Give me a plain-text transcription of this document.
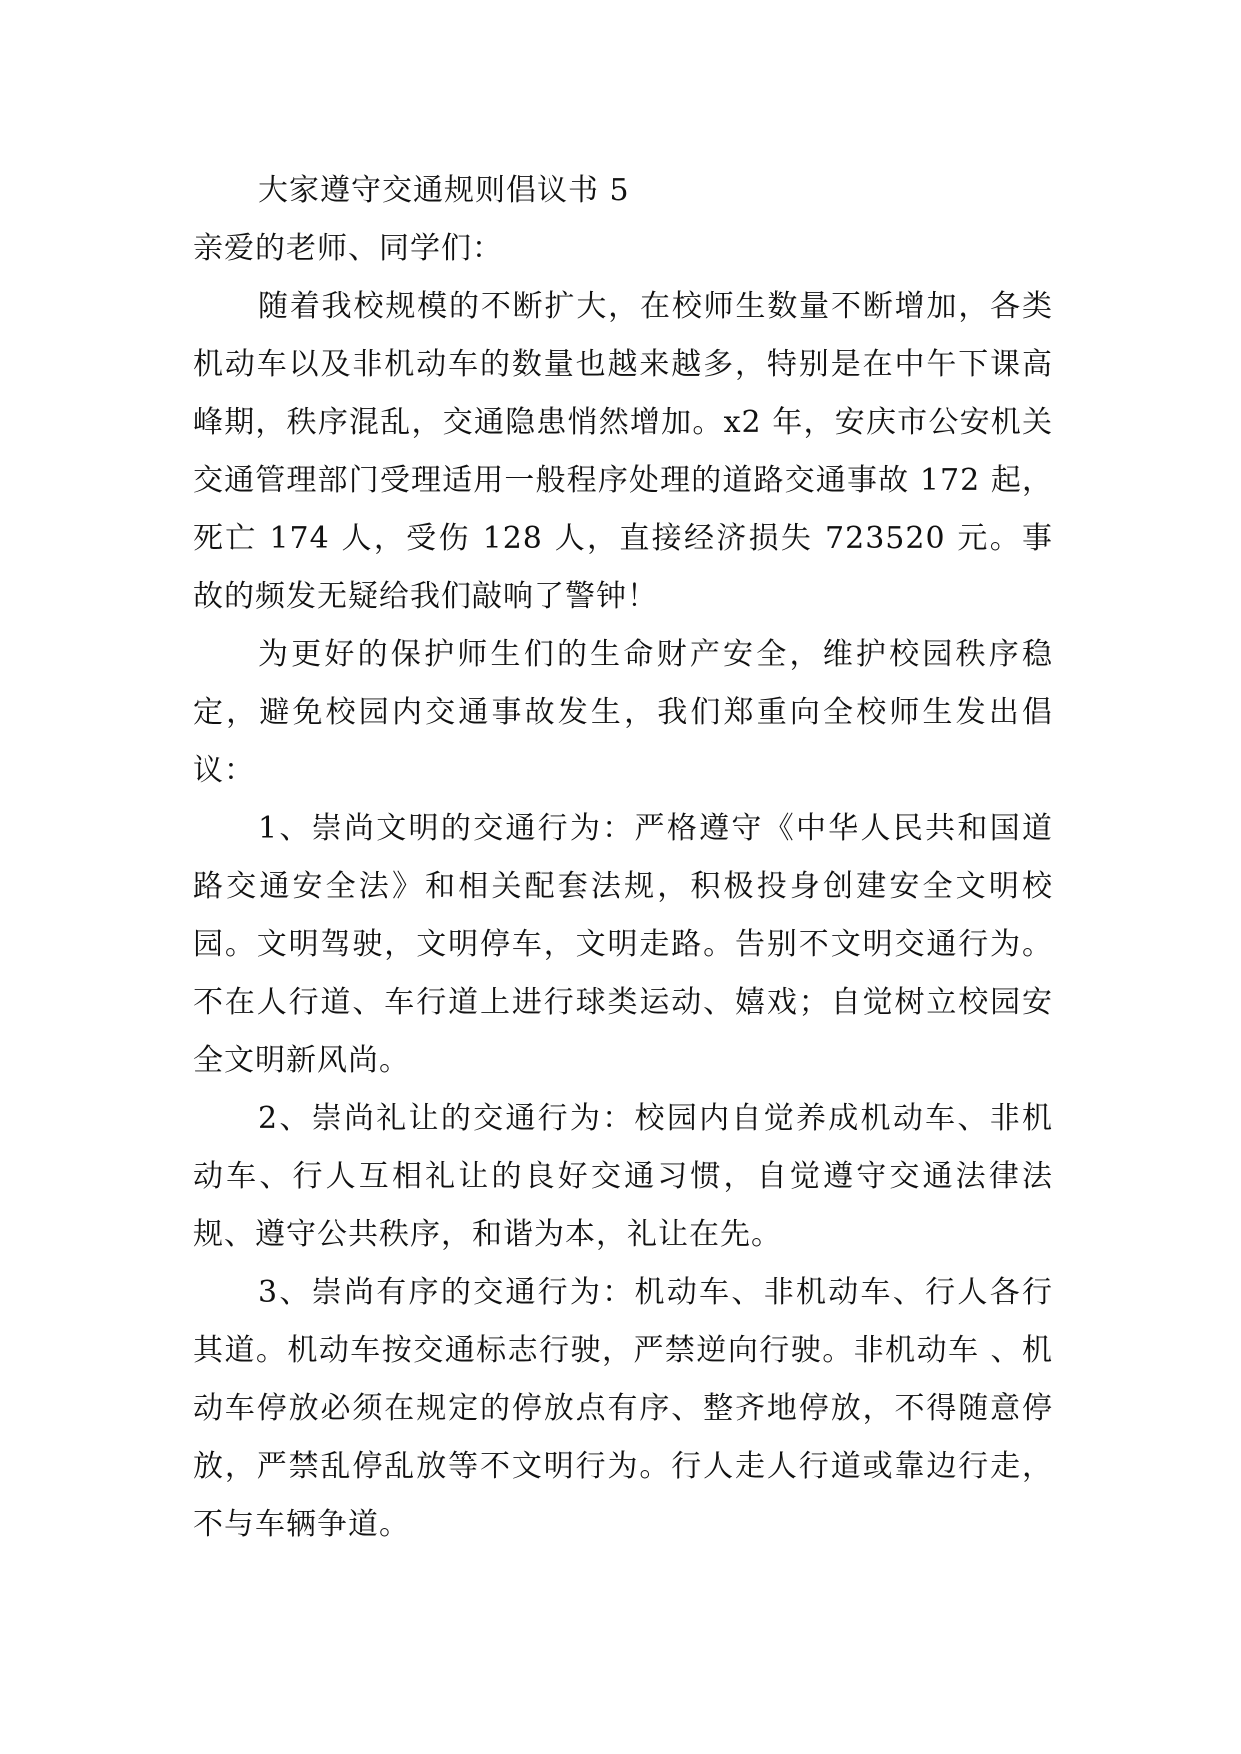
大家遵守交通规则倡议书 5

亲爱的老师、同学们：

随着我校规模的不断扩大，在校师生数量不断增加，各类机动车以及非机动车的数量也越来越多，特别是在中午下课高峰期，秩序混乱，交通隐患悄然增加。x2 年，安庆市公安机关交通管理部门受理适用一般程序处理的道路交通事故 172 起，死亡 174 人，受伤 128 人，直接经济损失 723520 元。事故的频发无疑给我们敲响了警钟！

为更好的保护师生们的生命财产安全，维护校园秩序稳定，避免校园内交通事故发生，我们郑重向全校师生发出倡议：

1、崇尚文明的交通行为：严格遵守《中华人民共和国道路交通安全法》和相关配套法规，积极投身创建安全文明校园。文明驾驶，文明停车，文明走路。告别不文明交通行为。不在人行道、车行道上进行球类运动、嬉戏；自觉树立校园安全文明新风尚。

2、崇尚礼让的交通行为：校园内自觉养成机动车、非机动车、行人互相礼让的良好交通习惯，自觉遵守交通法律法规、遵守公共秩序，和谐为本，礼让在先。

3、崇尚有序的交通行为：机动车、非机动车、行人各行其道。机动车按交通标志行驶，严禁逆向行驶。非机动车 、机动车停放必须在规定的停放点有序、整齐地停放，不得随意停放，严禁乱停乱放等不文明行为。行人走人行道或靠边行走，不与车辆争道。
